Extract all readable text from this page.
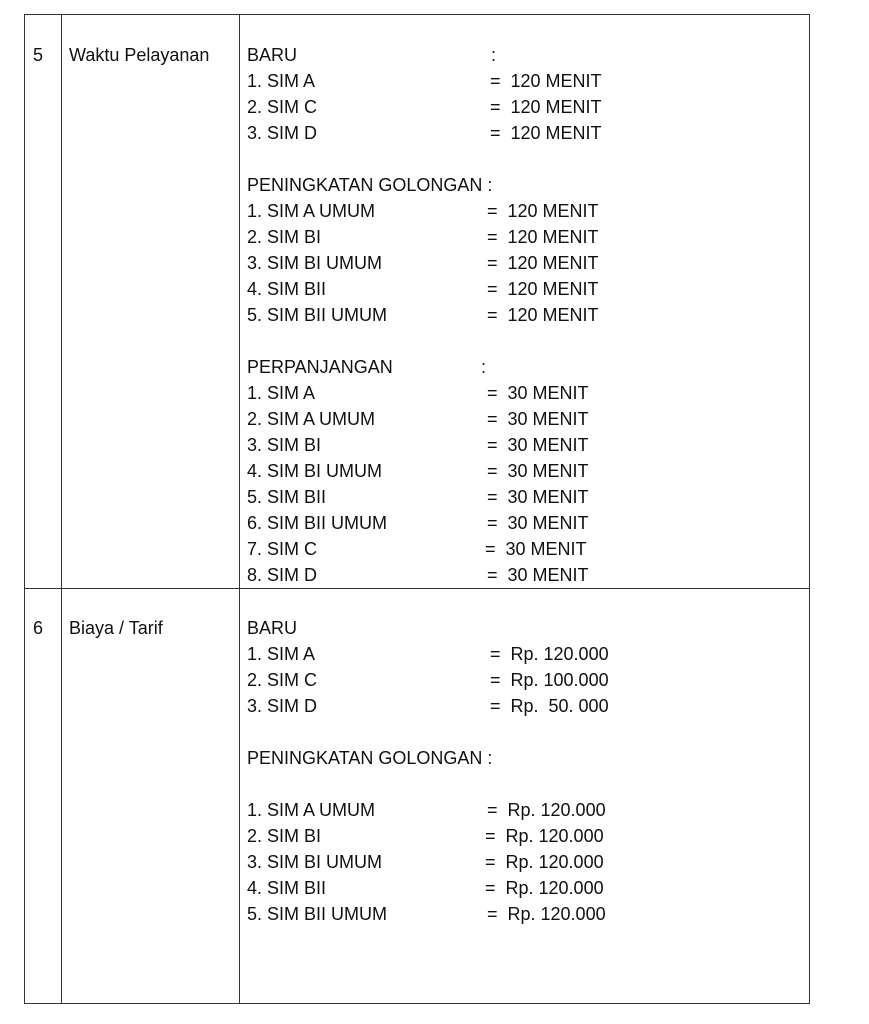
5 Waktu Pelayanan

BARU

	:

1. SIM A

	=  120 MENIT

2. SIM C

	=  120 MENIT

3. SIM D

	=  120 MENIT

PENINGKATAN GOLONGAN :

1. SIM A UMUM

	=  120 MENIT

2. SIM BI

	=  120 MENIT

3. SIM BI UMUM

	=  120 MENIT

4. SIM BII

	=  120 MENIT

5. SIM BII UMUM

	=  120 MENIT

PERPANJANGAN

	:

1. SIM A

	=  30 MENIT

2. SIM A UMUM

	=  30 MENIT

3. SIM BI

	=  30 MENIT

4. SIM BI UMUM

	=  30 MENIT

5. SIM BII

	=  30 MENIT

6. SIM BII UMUM

	=  30 MENIT

7. SIM C

	=  30 MENIT

8. SIM D

	=  30 MENIT

6 Biaya / Tarif

	BARU

1. SIM A

	=  Rp. 120.000

2. SIM C

	=  Rp. 100.000

3. SIM D

	=  Rp.  50. 000

PENINGKATAN GOLONGAN :

1. SIM A UMUM

	=  Rp. 120.000

2. SIM BI

	=  Rp. 120.000

3. SIM BI UMUM

	=  Rp. 120.000

4. SIM BII

	=  Rp. 120.000

5. SIM BII UMUM

	=  Rp. 120.000
